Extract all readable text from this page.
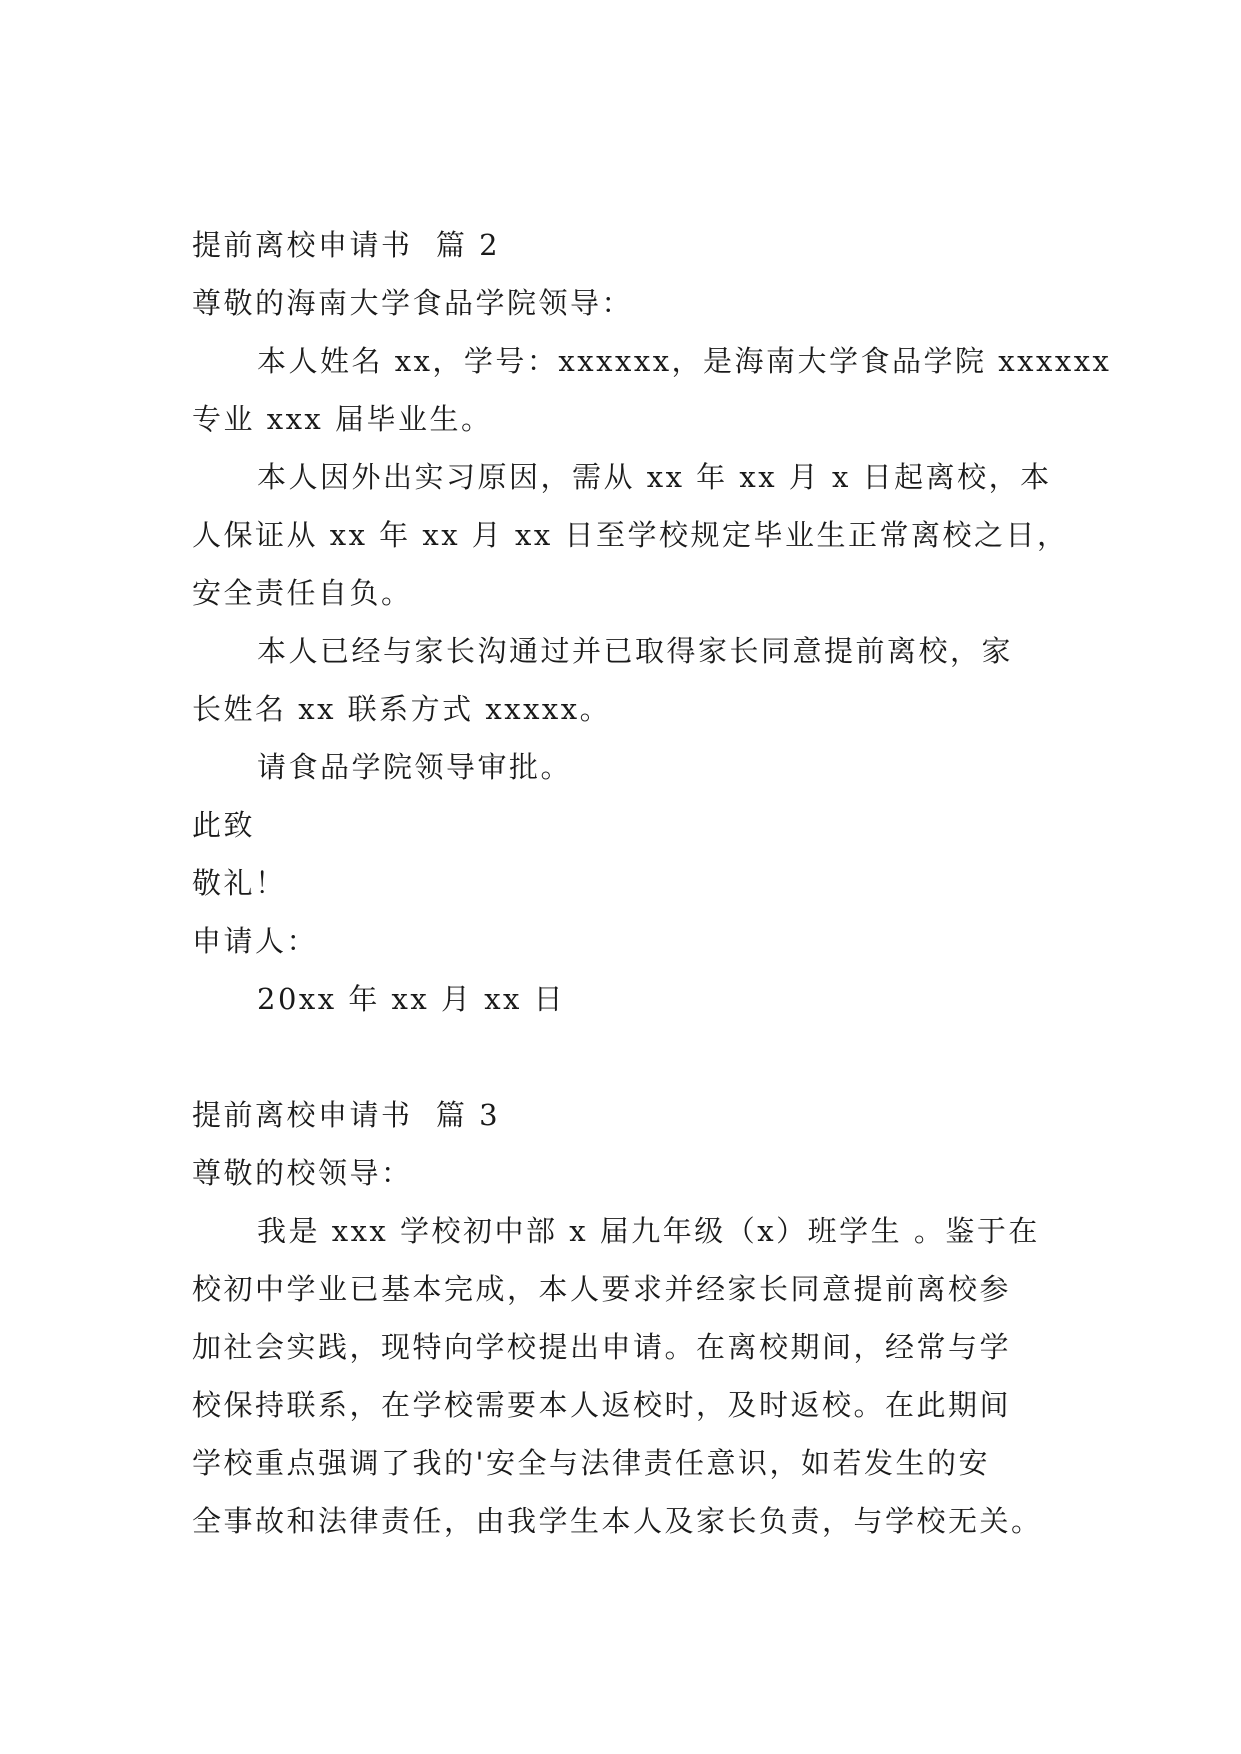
提前离校申请书  篇 2

尊敬的海南大学食品学院领导：

本人姓名 xx，学号：xxxxxx，是海南大学食品学院 xxxxxx

专业 xxx 届毕业生。

本人因外出实习原因，需从 xx 年 xx 月 x 日起离校，本

人保证从 xx 年 xx 月 xx 日至学校规定毕业生正常离校之日，

安全责任自负。

本人已经与家长沟通过并已取得家长同意提前离校，家

长姓名 xx 联系方式 xxxxx。

请食品学院领导审批。

此致

敬礼！

申请人：

20xx 年 xx 月 xx 日

提前离校申请书  篇 3

尊敬的校领导：

我是 xxx 学校初中部 x 届九年级（x）班学生 。鉴于在

校初中学业已基本完成，本人要求并经家长同意提前离校参

加社会实践，现特向学校提出申请。在离校期间，经常与学

校保持联系，在学校需要本人返校时，及时返校。在此期间

学校重点强调了我的'安全与法律责任意识，如若发生的安

全事故和法律责任，由我学生本人及家长负责，与学校无关。
